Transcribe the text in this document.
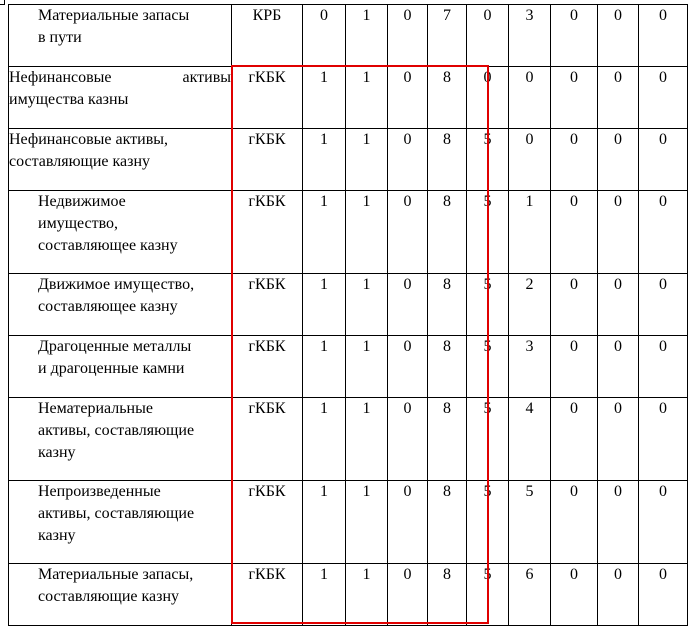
Материальные запасы
в пути	КРБ	0	1	0	7	0	3	0	0	0

Нефинансовые активы
имущества казны	гКБК	1	1	0	8	0	0	0	0	0

Нефинансовые активы,
составляющие казну	гКБК	1	1	0	8	5	0	0	0	0

Недвижимое
имущество,
составляющее казну	гКБК	1	1	0	8	5	1	0	0	0

Движимое имущество,
составляющее казну	гКБК	1	1	0	8	5	2	0	0	0

Драгоценные металлы
и драгоценные камни	гКБК	1	1	0	8	5	3	0	0	0

Нематериальные
активы, составляющие
казну	гКБК	1	1	0	8	5	4	0	0	0

Непроизведенные
активы, составляющие
казну	гКБК	1	1	0	8	5	5	0	0	0

Материальные запасы,
составляющие казну	гКБК	1	1	0	8	5	6	0	0	0
